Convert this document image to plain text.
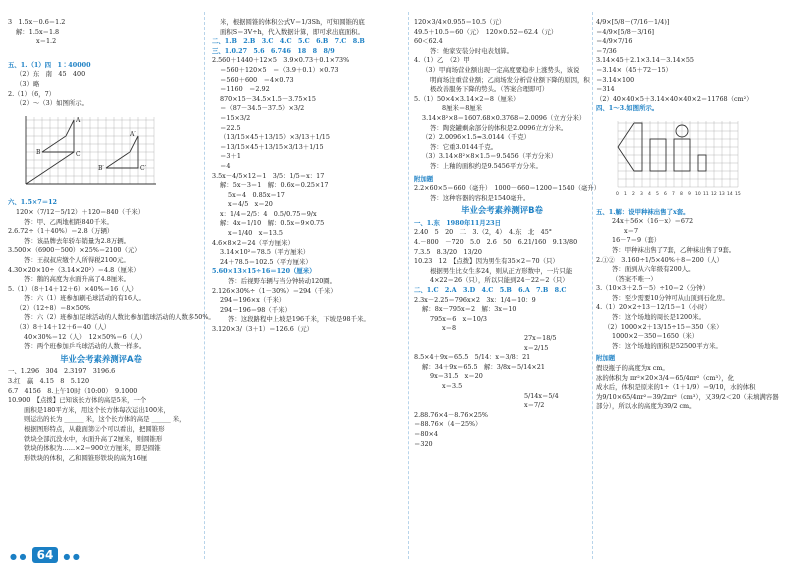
3　1.5x－0.6＝1.2
解：1.5x＝1.8
x＝1.2
五、1.（1）四　1∶40000
（2）东　南　45　400
（3）略
2.（1）（6，7）
（2）～（3）如图所示。
B
A
C
B′
A′
C′
六、1.5×7＝12
120×（7/12－5/12）＋120＝840（千米）
答：甲、乙两地相距840千米。
2.6.72÷（1＋40%）＝2.8（万辆）
答：该品牌去年轿车销量为2.8万辆。
3.500×（6900－500）×25%＝2100（元）
答：王叔叔应缴个人所得税2100元。
4.30×20×10÷（3.14×20²）＝4.8（厘米）
答：鹅的高度为水面升高了4.8厘米。
5.（1）（8＋14＋12＋6）×40%＝16（人）
答：六（1）班参加刷毛球活动的有16人。
（2）（12÷8）＝8×50%
答：六（2）班参加足球活动的人数比参加篮球活动的人数多50%。
（3）8＋14＋12＋6＝40（人）
40×30%＝12（人）　12×50%＝6（人）
答：两个班参加乒乓球活动的人数一样多。
毕业会考素养测评A卷
一、1.296　304　2.3197　3196.6
3.红　赢　4.15　8　5.120
6.7　4156　8.上午10时（10:00）　9.1000
10.900　【点拨】已知该长方体的高是5米，一个
面积是180平方米，用这个长方体每次运出100米，
则运出的长为 ______ 米，这个长方体的高是 ______ 米，
根据图形特点，从截面第②个可以看出，把圆锥形
铁块全部沉没水中，水面升高了2厘米，则圆锥形
铁块的体积为……×2＝900立方厘米，即是圆锥
形铁块的体积，乙和圆锥形铁块的高为16厘
米，根据圆锥的体积公式V＝1/3Sh，可知圆锥的底
面积S＝3V÷h，代入数据计算，即可求出底面积。
二、1.B　2.B　3.C　4.C　5.C　6.B　7.C　8.B
三、1.0.27　5.6　6.746　18　8　8/9
2.560＋1440＋12×5　3.9×0.73＋0.1×73%
＝560＋120×5　＝（3.9＋0.1）×0.73
＝560＋600　＝4×0.73
＝1160　＝2.92
870×15－34.5×1.5－3.75×15
＝（87－34.5－37.5）×3/2
＝15×3/2
＝22.5
（13/15×45＋13/15）×3/13＋1/15
＝13/15×45＋13/15×3/13＋1/15
＝3＋1
＝4
3.5x－4/5×12＝1　3/5：1/5＝x：17
解：5x－3＝1　解：0.6x＝0.25×17
5x＝4　0.85x＝17
x＝4/5　x＝20
x：1/4＝2/5：4　0.5/0.75＝9/x
解：4x＝1/10　解：0.5x＝9×0.75
x＝1/40　x＝13.5
4.6×8×2＝24（平方厘米）
3.14×10²＝78.5（平方厘米）
24＋78.5＝102.5（平方厘米）
5.60×13×15÷16＝120（厘米）
答：后视野车辆与当分钟转动120圈。
2.126×30%÷（1－30%）＝294（千米）
294＝196×x（千米）
294－196＝98（千米）
答：这段路程中上坡是196千米，下坡是98千米。
3.120×3/（3＋1）＝126.6（元）
120×3/4×0.955＝10.5（元）
49.5＋10.5＝60（元）　120×0.52＝62.4（元）
60＜62.4
答：他家安装分时电表划算。
4.（1）乙　（2）甲
（3）甲商场营业额出现一定高度要稳步上涨势头，该说
明商场注重营业额；乙商场发分析营业额下降的原因，积
极改善服务下降的势头。（答案合理即可）
5.（1）50×4×3.14×2＝8（厘米）
8厘米＝8厘米
3.14×8²×8＝1607.68×0.3768＝2.0096（立方分米）
答：陶瓷罐剩余部分的体积是2.0096立方分米。
（2）2.0096×1.5≈3.0144（千克）
答：它重3.0144千克。
（3）3.14×8²×8×1.5＝9.5456（平方分米）
答：上釉的面积约是9.5456平方分米。
附加题
2.2×60×5＝660（毫升）　1000－660＝1200＝1540（毫升）
答：这种容器的容积是1540毫升。
毕业会考素养测评B卷
一、1.东　1980年11月23日
2.40　5　20　二　3.（2，4）　4.东　北　45°
4.－800　－720　5.0　2.6　50　6.21/160　9.13/80
7.3.5　8.3/20　13/20
10.23　12　【点拨】因为男生有35×2＝70（只）
根据男生比女生多24，则从正方形数中，一片只能
4×22＝26（只），所以只能到24－22＝2（只）
二、1.C　2.A　3.D　4.C　5.B　6.A　7.B　8.C
2.3x－2.25＝796x×2　3x：1/4＝10：9
解：8x－795x＝2　解：3x＝10
795x＝6　x＝10/3
x＝8
27x＝18/5
x＝2/15
8.5×4＋9x＝65.5　5/14：x＝3/8：21
解：34＋9x＝65.5　解：3/8x＝5/14×21
9x＝31.5　x＝20
x＝3.5
5/14x＝5/4
x＝7/2
2.88.76×4－8.76×25%
＝88.76×（4－25%）
＝80×4
＝320
4/9×[5/8－(7/16－1/4)]
＝4/9×[5/8－3/16]
＝4/9×7/16
＝7/36
3.14×45＋2.1×3.14－3.14×55
＝3.14×（45＋72－15）
＝3.14×100
＝314
（2）40×40×5＋3.14×40×40×2＝11768（cm²）
四、1～3.如图所示。
0 1 2 3 4 5 6 7 8 9 10 11 12 13 14 15
五、1.解：设甲种袜出售了x套。
24x＋56×（16－x）＝672
x＝7
16－7＝9（套）
答：甲种袜出售了7套，乙种袜出售了9套。
2.①②　3.160÷1/5×40%＋8＝200（人）
答：面到从六年级有200人。
（答案不唯一）
3.（10×3＋2.5－5）÷10＝2（分钟）
答：至少需要10分钟可从山顶到石化房。
4.（1）20×2÷13－12/15＝1（小时）
答：这个场地的周长是1200米。
（2）1000×2＋13/15÷15＝350（米）
1000×2－350＝1650（米）
答：这个场地的面积是52500平方米。
附加题
假设瓶子的高度为x cm。
冰的体积为 πr²×20×3/4＝65/4πr²（cm³），化
成水后，体积是原来的1÷（1＋1/9）＝9/10，水的体积
为9/10×65/4πr²＝39/2πr²（cm³），又39/2＜20（未填满容器
部分），所以水的高度为39/2 cm。
● ● 64 ● ●
